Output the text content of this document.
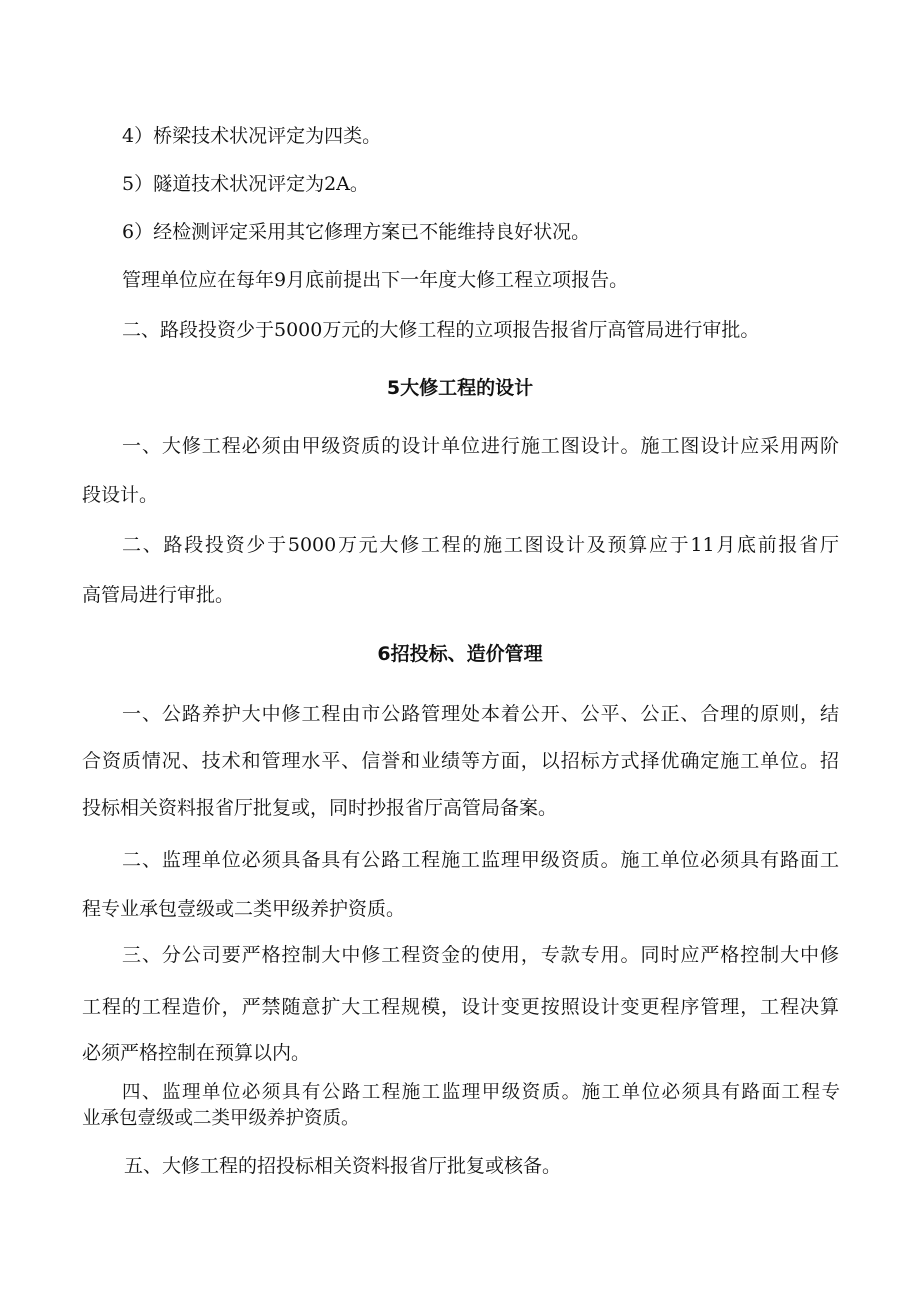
4）桥梁技术状况评定为四类。

5）隧道技术状况评定为2A。

6）经检测评定采用其它修理方案已不能维持良好状况。

管理单位应在每年9月底前提出下一年度大修工程立项报告。

二、路段投资少于5000万元的大修工程的立项报告报省厅高管局进行审批。

5大修工程的设计

一、大修工程必须由甲级资质的设计单位进行施工图设计。施工图设计应采用两阶

段设计。

二、路段投资少于5000万元大修工程的施工图设计及预算应于11月底前报省厅

高管局进行审批。

6招投标、造价管理

一、公路养护大中修工程由市公路管理处本着公开、公平、公正、合理的原则，结

合资质情况、技术和管理水平、信誉和业绩等方面，以招标方式择优确定施工单位。招

投标相关资料报省厅批复或，同时抄报省厅高管局备案。

二、监理单位必须具备具有公路工程施工监理甲级资质。施工单位必须具有路面工

程专业承包壹级或二类甲级养护资质。

三、分公司要严格控制大中修工程资金的使用，专款专用。同时应严格控制大中修

工程的工程造价，严禁随意扩大工程规模，设计变更按照设计变更程序管理，工程决算

必须严格控制在预算以内。

四、监理单位必须具有公路工程施工监理甲级资质。施工单位必须具有路面工程专

业承包壹级或二类甲级养护资质。

五、大修工程的招投标相关资料报省厅批复或核备。
